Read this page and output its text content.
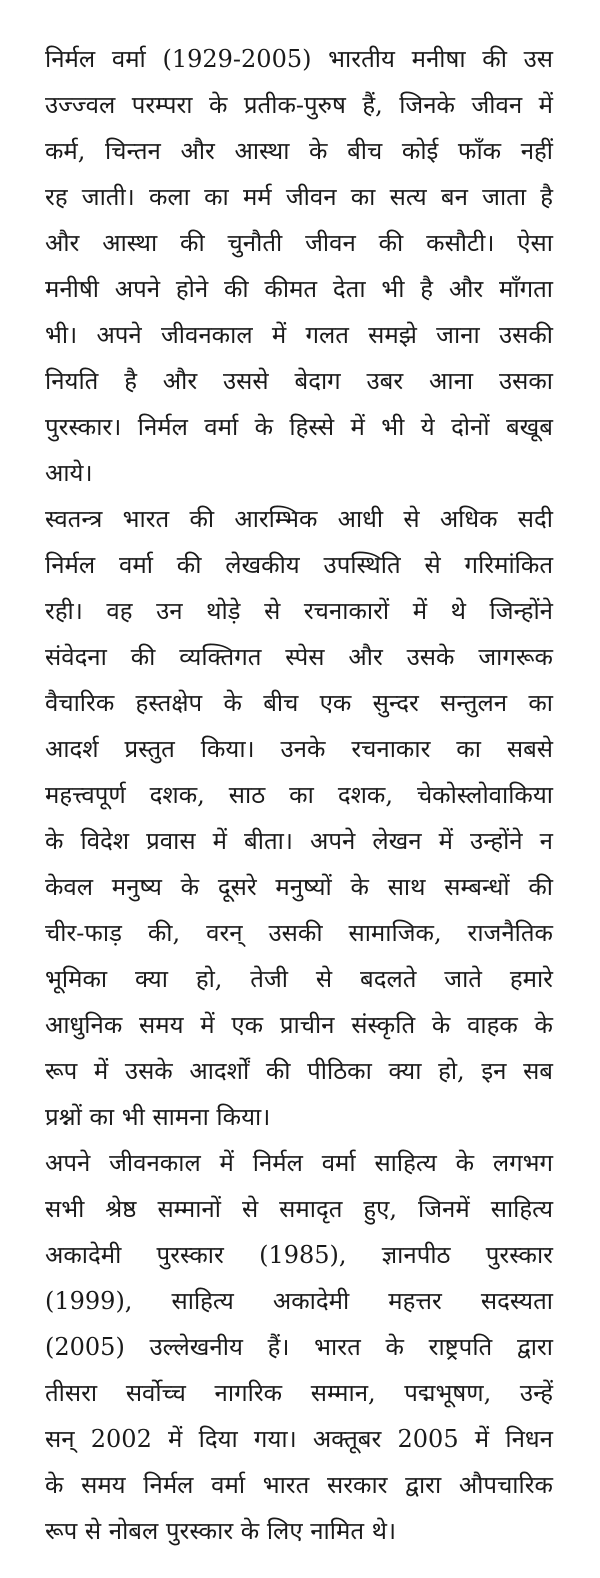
निर्मल वर्मा (1929-2005) भारतीय मनीषा की उस
उज्ज्वल परम्परा के प्रतीक-पुरुष हैं, जिनके जीवन में
कर्म, चिन्तन और आस्था के बीच कोई फाँक नहीं
रह जाती। कला का मर्म जीवन का सत्य बन जाता है
और आस्था की चुनौती जीवन की कसौटी। ऐसा
मनीषी अपने होने की कीमत देता भी है और माँगता
भी। अपने जीवनकाल में गलत समझे जाना उसकी
नियति है और उससे बेदाग उबर आना उसका
पुरस्कार। निर्मल वर्मा के हिस्से में भी ये दोनों बखूब
आये।
स्वतन्त्र भारत की आरम्भिक आधी से अधिक सदी
निर्मल वर्मा की लेखकीय उपस्थिति से गरिमांकित
रही। वह उन थोड़े से रचनाकारों में थे जिन्होंने
संवेदना की व्यक्तिगत स्पेस और उसके जागरूक
वैचारिक हस्तक्षेप के बीच एक सुन्दर सन्तुलन का
आदर्श प्रस्तुत किया। उनके रचनाकार का सबसे
महत्त्वपूर्ण दशक, साठ का दशक, चेकोस्लोवाकिया
के विदेश प्रवास में बीता। अपने लेखन में उन्होंने न
केवल मनुष्य के दूसरे मनुष्यों के साथ सम्बन्धों की
चीर-फाड़ की, वरन् उसकी सामाजिक, राजनैतिक
भूमिका क्या हो, तेजी से बदलते जाते हमारे
आधुनिक समय में एक प्राचीन संस्कृति के वाहक के
रूप में उसके आदर्शों की पीठिका क्या हो, इन सब
प्रश्नों का भी सामना किया।
अपने जीवनकाल में निर्मल वर्मा साहित्य के लगभग
सभी श्रेष्ठ सम्मानों से समादृत हुए, जिनमें साहित्य
अकादेमी पुरस्कार (1985), ज्ञानपीठ पुरस्कार
(1999), साहित्य अकादेमी महत्तर सदस्यता
(2005) उल्लेखनीय हैं। भारत के राष्ट्रपति द्वारा
तीसरा सर्वोच्च नागरिक सम्मान, पद्मभूषण, उन्हें
सन् 2002 में दिया गया। अक्तूबर 2005 में निधन
के समय निर्मल वर्मा भारत सरकार द्वारा औपचारिक
रूप से नोबल पुरस्कार के लिए नामित थे।
